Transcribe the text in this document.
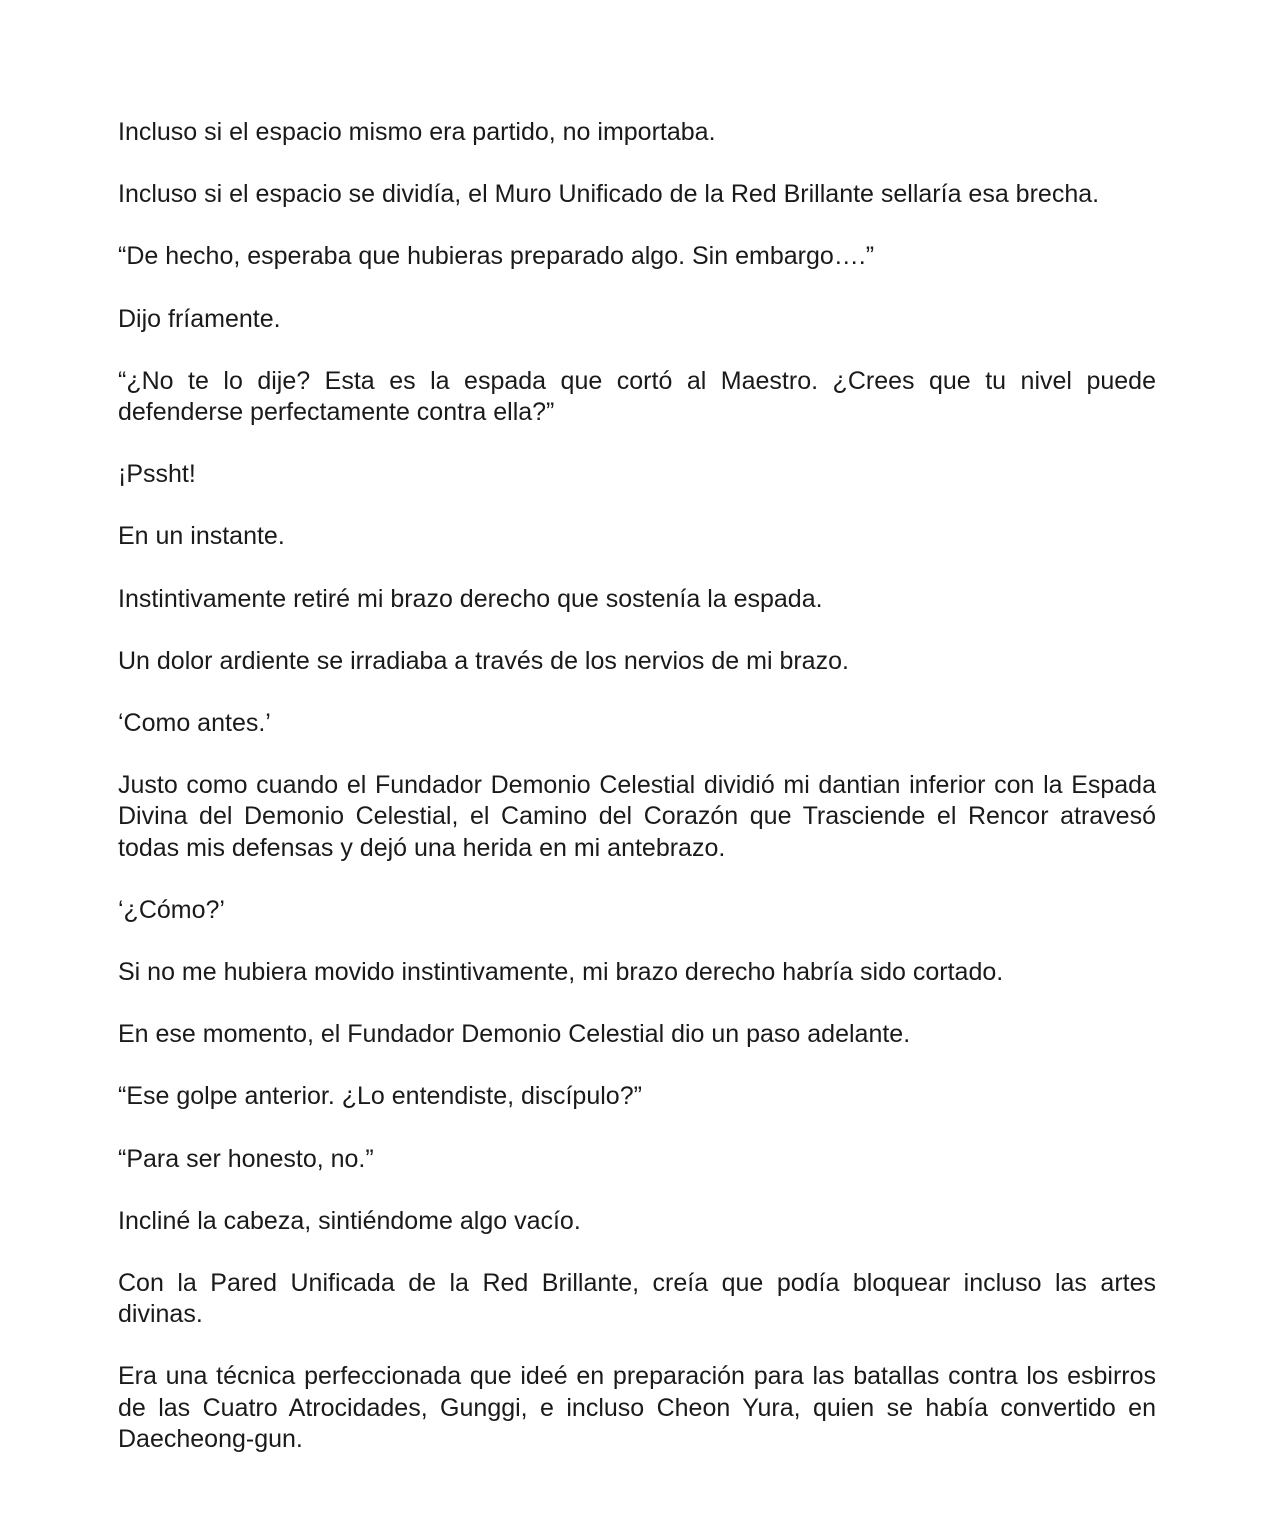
Incluso si el espacio mismo era partido, no importaba.

Incluso si el espacio se dividía, el Muro Unificado de la Red Brillante sellaría esa brecha.

“De hecho, esperaba que hubieras preparado algo. Sin embargo….”

Dijo fríamente.

“¿No te lo dije? Esta es la espada que cortó al Maestro. ¿Crees que tu nivel puede defenderse perfectamente contra ella?”

¡Pssht!

En un instante.

Instintivamente retiré mi brazo derecho que sostenía la espada.

Un dolor ardiente se irradiaba a través de los nervios de mi brazo.

‘Como antes.’

Justo como cuando el Fundador Demonio Celestial dividió mi dantian inferior con la Espada Divina del Demonio Celestial, el Camino del Corazón que Trasciende el Rencor atravesó todas mis defensas y dejó una herida en mi antebrazo.

‘¿Cómo?’

Si no me hubiera movido instintivamente, mi brazo derecho habría sido cortado.

En ese momento, el Fundador Demonio Celestial dio un paso adelante.

“Ese golpe anterior. ¿Lo entendiste, discípulo?”

“Para ser honesto, no.”

Incliné la cabeza, sintiéndome algo vacío.

Con la Pared Unificada de la Red Brillante, creía que podía bloquear incluso las artes divinas.

Era una técnica perfeccionada que ideé en preparación para las batallas contra los esbirros de las Cuatro Atrocidades, Gunggi, e incluso Cheon Yura, quien se había convertido en Daecheong-gun.
